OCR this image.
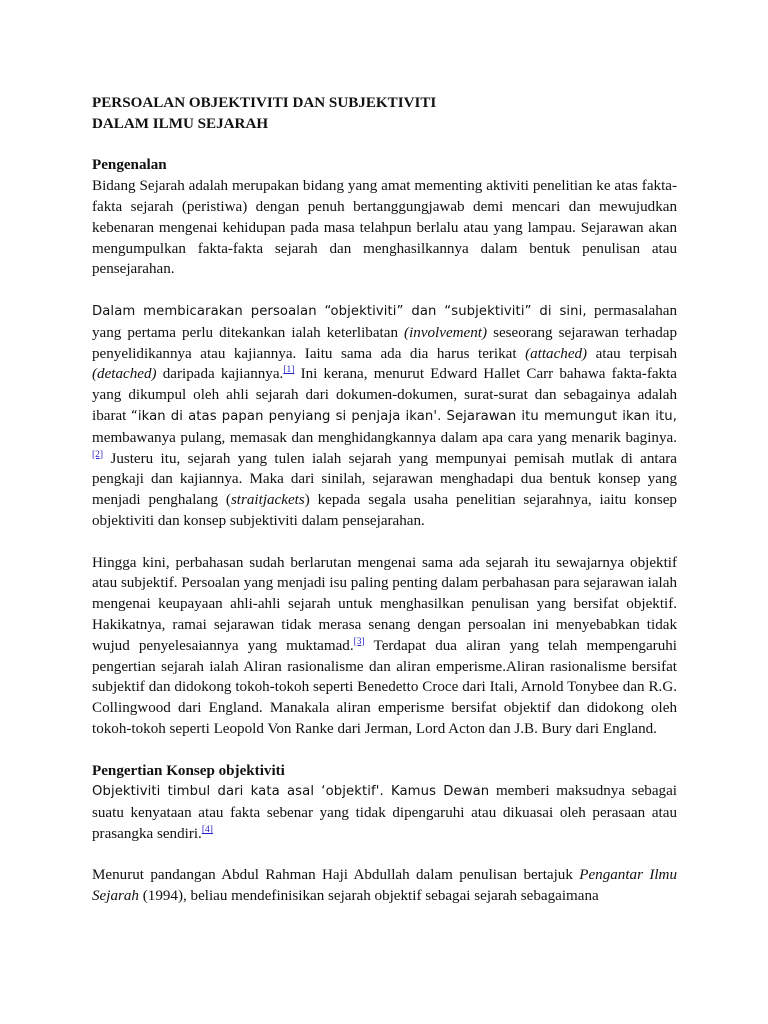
PERSOALAN OBJEKTIVITI DAN SUBJEKTIVITI
DALAM ILMU SEJARAH

Pengenalan

Bidang Sejarah adalah merupakan bidang yang amat mementing aktiviti penelitian ke atas fakta-fakta sejarah (peristiwa) dengan penuh bertanggungjawab demi mencari dan mewujudkan kebenaran mengenai kehidupan pada masa telahpun berlalu atau yang lampau. Sejarawan akan mengumpulkan fakta-fakta sejarah dan menghasilkannya dalam bentuk penulisan atau pensejarahan.

Dalam membicarakan persoalan “objektiviti” dan “subjektiviti” di sini, permasalahan yang pertama perlu ditekankan ialah keterlibatan (involvement) seseorang sejarawan terhadap penyelidikannya atau kajiannya. Iaitu sama ada dia harus terikat (attached) atau terpisah (detached) daripada kajiannya.[1] Ini kerana, menurut Edward Hallet Carr bahawa fakta-fakta yang dikumpul oleh ahli sejarah dari dokumen-dokumen, surat-surat dan sebagainya adalah ibarat “ikan di atas papan penyiang si penjaja ikan'. Sejarawan itu memungut ikan itu, membawanya pulang, memasak dan menghidangkannya dalam apa cara yang menarik baginya.[2] Justeru itu, sejarah yang tulen ialah sejarah yang mempunyai pemisah mutlak di antara pengkaji dan kajiannya. Maka dari sinilah, sejarawan menghadapi dua bentuk konsep yang menjadi penghalang (straitjackets) kepada segala usaha penelitian sejarahnya, iaitu konsep objektiviti dan konsep subjektiviti dalam pensejarahan.

Hingga kini, perbahasan sudah berlarutan mengenai sama ada sejarah itu sewajarnya objektif atau subjektif. Persoalan yang menjadi isu paling penting dalam perbahasan para sejarawan ialah mengenai keupayaan ahli-ahli sejarah untuk menghasilkan penulisan yang bersifat objektif. Hakikatnya, ramai sejarawan tidak merasa senang dengan persoalan ini menyebabkan tidak wujud penyelesaiannya yang muktamad.[3] Terdapat dua aliran yang telah mempengaruhi pengertian sejarah ialah Aliran rasionalisme dan aliran emperisme.Aliran rasionalisme bersifat subjektif dan didokong tokoh-tokoh seperti Benedetto Croce dari Itali, Arnold Tonybee dan R.G. Collingwood dari England. Manakala aliran emperisme bersifat objektif dan didokong oleh tokoh-tokoh seperti Leopold Von Ranke dari Jerman, Lord Acton dan J.B. Bury dari England.

Pengertian Konsep objektiviti

Objektiviti timbul dari kata asal ‘objektif'. Kamus Dewan memberi maksudnya sebagai suatu kenyataan atau fakta sebenar yang tidak dipengaruhi atau dikuasai oleh perasaan atau prasangka sendiri.[4]

Menurut pandangan Abdul Rahman Haji Abdullah dalam penulisan bertajuk Pengantar Ilmu Sejarah (1994), beliau mendefinisikan sejarah objektif sebagai sejarah sebagaimana
